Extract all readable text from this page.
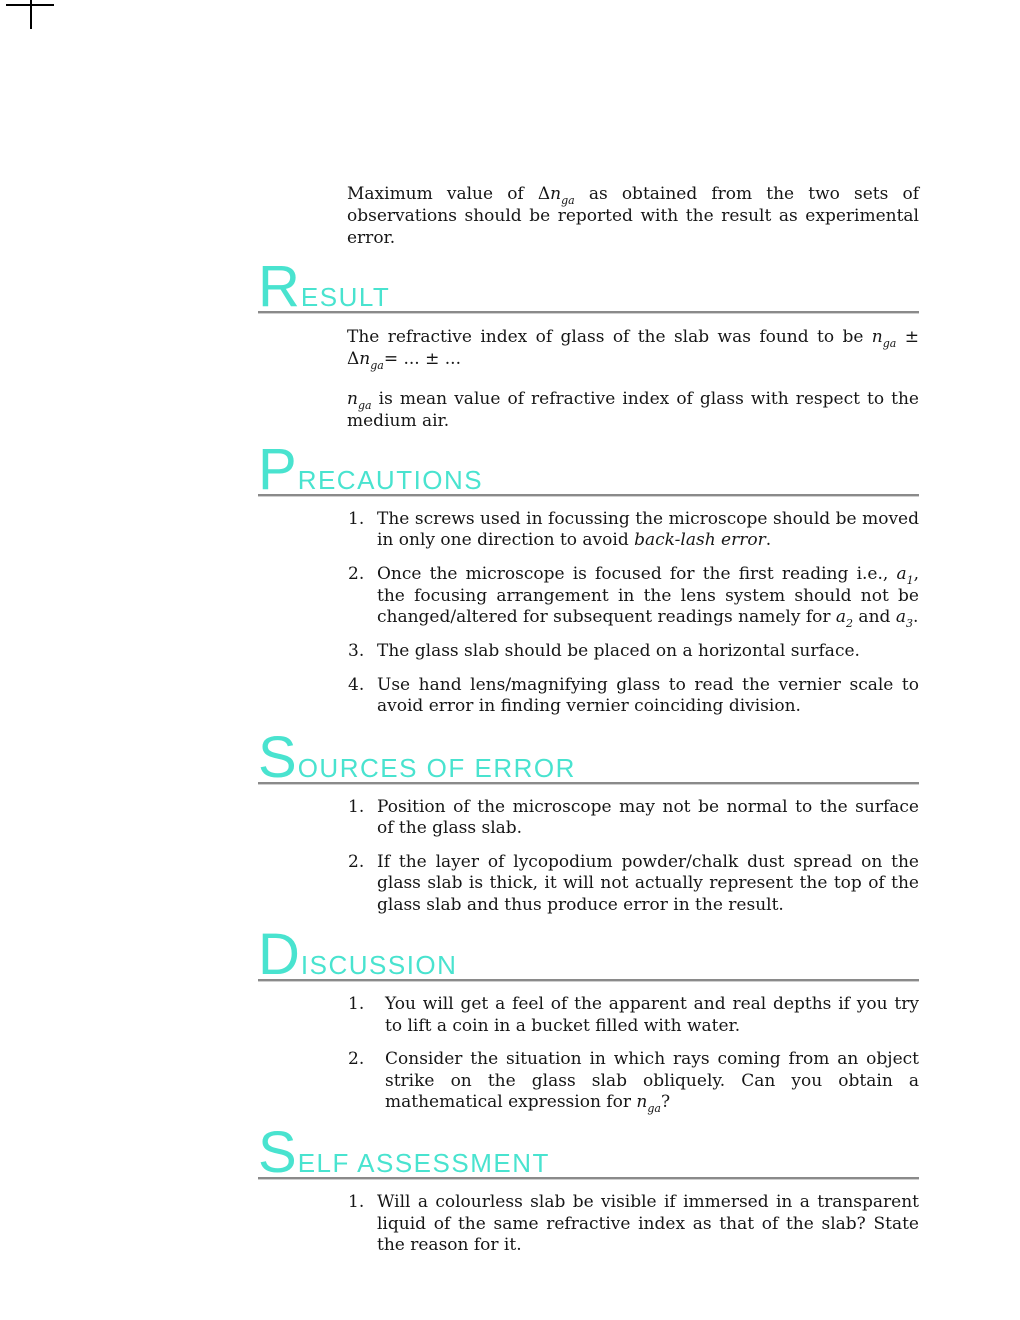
Maximum value of $\Delta n_{ga}$ as obtained from the two sets of observations should be reported with the result as experimental error.

RESULT

The refractive index of glass of the slab was found to be $n_{ga} \pm \Delta n_{ga}=$ ... ± ...

$n_{ga}$ is mean value of refractive index of glass with respect to the medium air.

PRECAUTIONS
1. The screws used in focussing the microscope should be moved in only one direction to avoid back-lash error.
2. Once the microscope is focused for the first reading i.e., $a_1$, the focusing arrangement in the lens system should not be changed/altered for subsequent readings namely for $a_2$ and $a_3$.
3. The glass slab should be placed on a horizontal surface.
4. Use hand lens/magnifying glass to read the vernier scale to avoid error in finding vernier coinciding division.
SOURCES OF ERROR
1. Position of the microscope may not be normal to the surface of the glass slab.
2. If the layer of lycopodium powder/chalk dust spread on the glass slab is thick, it will not actually represent the top of the glass slab and thus produce error in the result.
DISCUSSION
1.	You will get a feel of the apparent and real depths if you try to lift a coin in a bucket filled with water.
2.	Consider the situation in which rays coming from an object strike on the glass slab obliquely. Can you obtain a mathematical expression for $n_{ga}$?
SELF ASSESSMENT
1. Will a colourless slab be visible if immersed in a transparent liquid of the same refractive index as that of the slab? State the reason for it.
